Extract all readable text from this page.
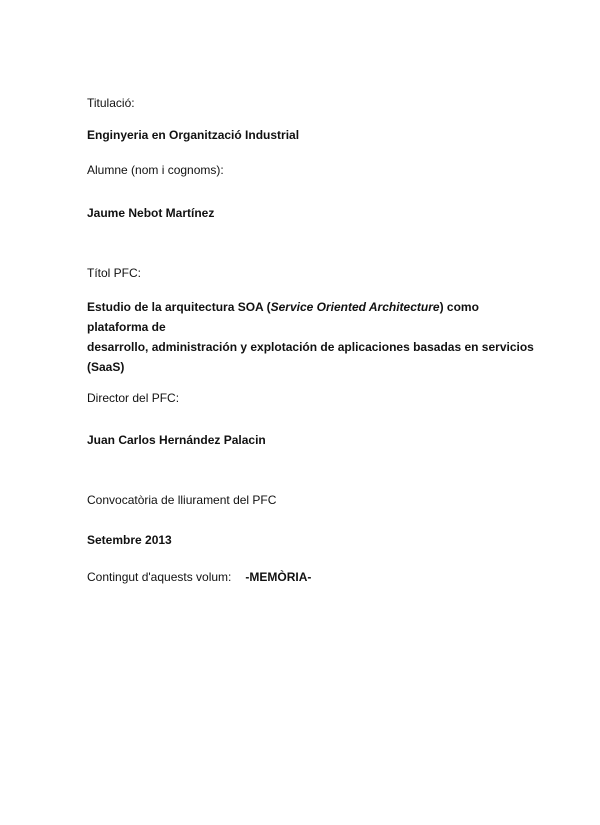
Titulació:
Enginyeria en Organització Industrial
Alumne (nom i cognoms):
Jaume Nebot Martínez
Títol PFC:
Estudio de la arquitectura SOA (Service Oriented Architecture) como plataforma de
desarrollo, administración y explotación de aplicaciones basadas en servicios
(SaaS)
Director del PFC:
Juan Carlos Hernández Palacin
Convocatòria de lliurament del PFC
Setembre 2013
Contingut d'aquests volum: -MEMÒRIA-
